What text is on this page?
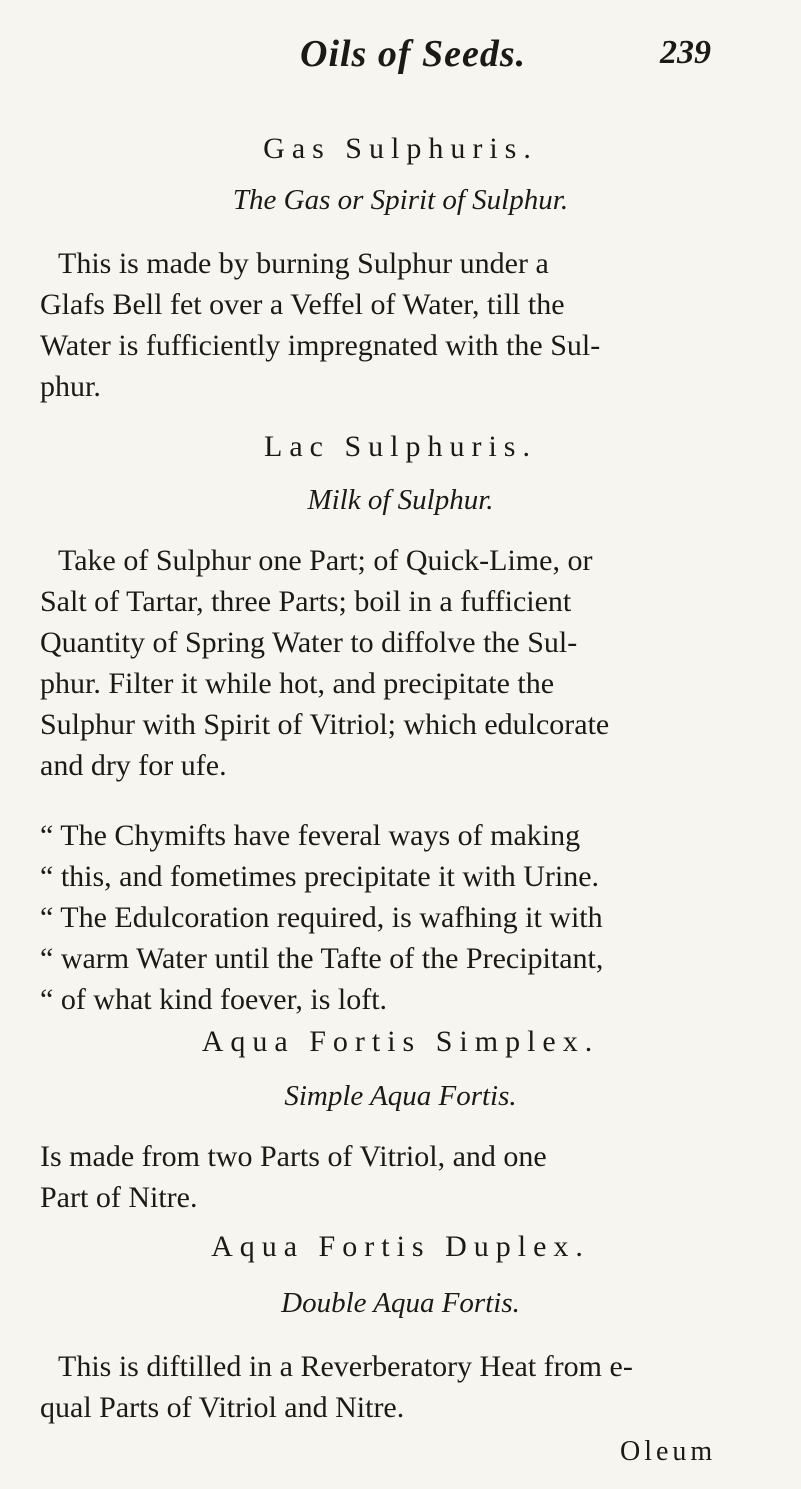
Oils of Seeds.	239
Gas Sulphuris.
The Gas or Spirit of Sulphur.
This is made by burning Sulphur under a
Glafs Bell fet over a Veffel of Water, till the
Water is fufficiently impregnated with the Sul-
phur.
Lac Sulphuris.
Milk of Sulphur.
Take of Sulphur one Part; of Quick-Lime, or
Salt of Tartar, three Parts; boil in a fufficient
Quantity of Spring Water to diffolve the Sul-
phur. Filter it while hot, and precipitate the
Sulphur with Spirit of Vitriol; which edulcorate
and dry for ufe.
“ The Chymifts have feveral ways of making
“ this, and fometimes precipitate it with Urine.
“ The Edulcoration required, is wafhing it with
“ warm Water until the Tafte of the Precipitant,
“ of what kind foever, is loft.
Aqua Fortis Simplex.
Simple Aqua Fortis.
Is made from two Parts of Vitriol, and one
Part of Nitre.
Aqua Fortis Duplex.
Double Aqua Fortis.
This is diftilled in a Reverberatory Heat from e-
qual Parts of Vitriol and Nitre.
Oleum
